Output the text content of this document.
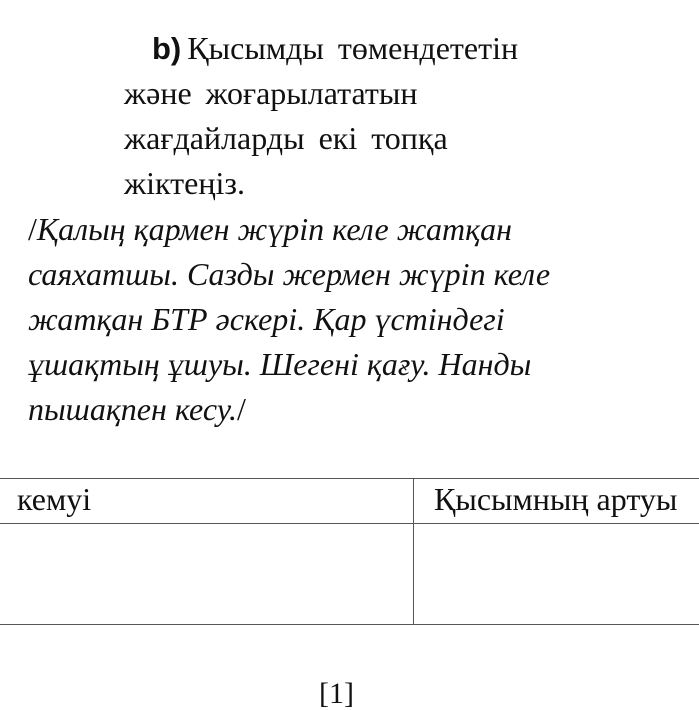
b) Қысымды төмендететін
және жоғарылататын
жағдайларды екі топқа
жіктеңіз.
/Қалың қармен жүріп келе жатқан
саяхатшы. Сазды жермен жүріп келе
жатқан БТР әскері. Қар үстіндегі
ұшақтың ұшуы. Шегені қағу. Нанды
пышақпен кесу./
кемуі	Қысымның артуы

[1]
